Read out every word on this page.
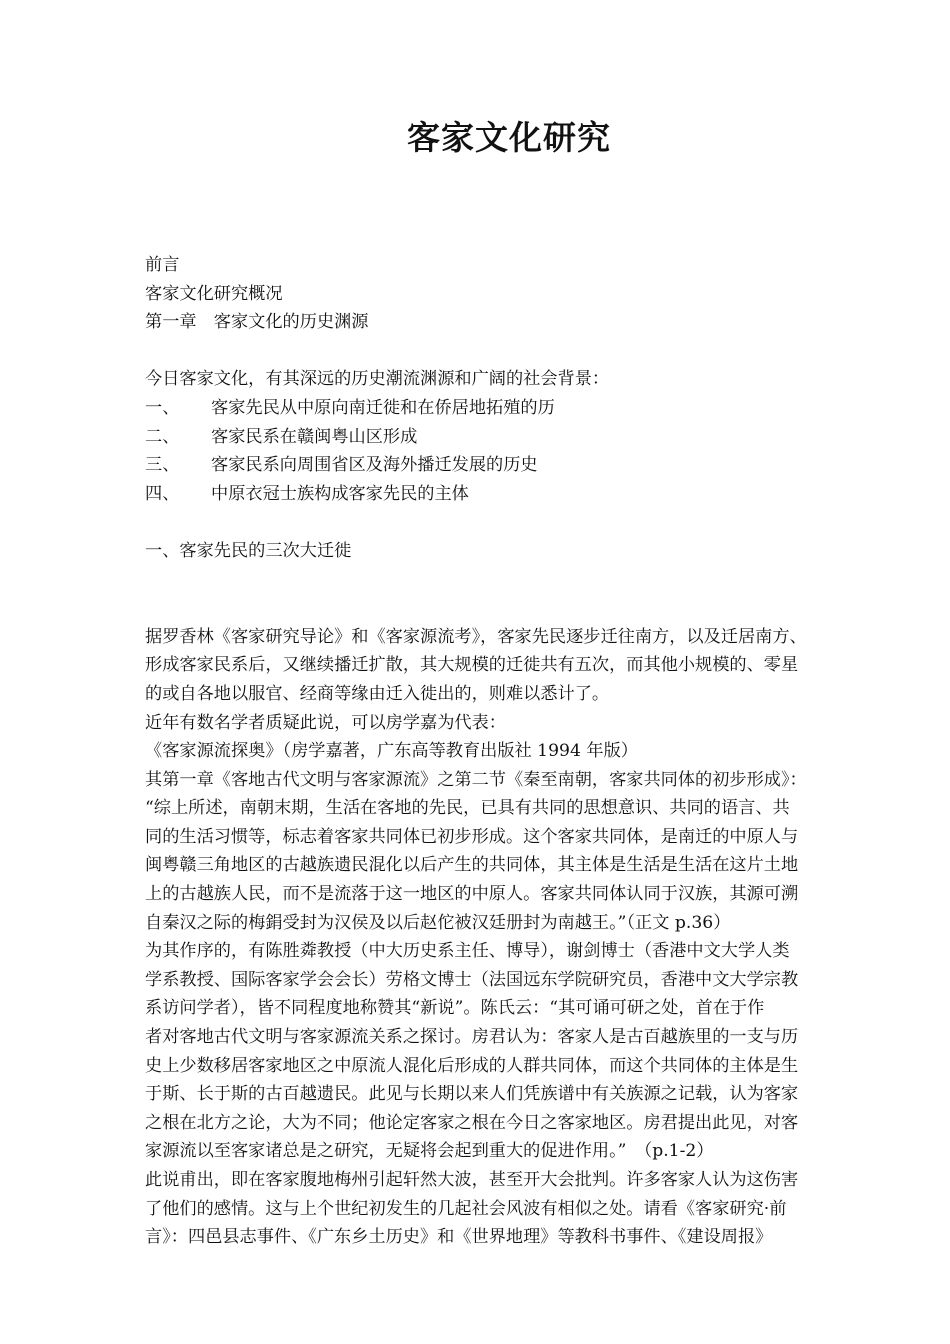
客家文化研究
前言
客家文化研究概况
第一章　客家文化的历史渊源
今日客家文化，有其深远的历史潮流渊源和广阔的社会背景：
一、 客家先民从中原向南迁徙和在侨居地拓殖的历
二、 客家民系在赣闽粤山区形成
三、 客家民系向周围省区及海外播迁发展的历史
四、 中原衣冠士族构成客家先民的主体
一、客家先民的三次大迁徙
据罗香林《客家研究导论》和《客家源流考》，客家先民逐步迁往南方，以及迁居南方、
形成客家民系后，又继续播迁扩散，其大规模的迁徙共有五次，而其他小规模的、零星
的或自各地以服官、经商等缘由迁入徙出的，则难以悉计了。
近年有数名学者质疑此说，可以房学嘉为代表：
《客家源流探奥》（房学嘉著，广东高等教育出版社 1994 年版）
其第一章《客地古代文明与客家源流》之第二节《秦至南朝，客家共同体的初步形成》：
“综上所述，南朝末期，生活在客地的先民，已具有共同的思想意识、共同的语言、共
同的生活习惯等，标志着客家共同体已初步形成。这个客家共同体，是南迁的中原人与
闽粤赣三角地区的古越族遗民混化以后产生的共同体，其主体是生活是生活在这片土地
上的古越族人民，而不是流落于这一地区的中原人。客家共同体认同于汉族，其源可溯
自秦汉之际的梅鋗受封为汉侯及以后赵佗被汉廷册封为南越王。”（正文 p.36）
为其作序的，有陈胜粦教授（中大历史系主任、博导），谢剑博士（香港中文大学人类
学系教授、国际客家学会会长）劳格文博士（法国远东学院研究员，香港中文大学宗教
系访问学者），皆不同程度地称赞其“新说”。陈氏云：“其可诵可研之处，首在于作
者对客地古代文明与客家源流关系之探讨。房君认为：客家人是古百越族里的一支与历
史上少数移居客家地区之中原流人混化后形成的人群共同体，而这个共同体的主体是生
于斯、长于斯的古百越遗民。此见与长期以来人们凭族谱中有关族源之记载，认为客家
之根在北方之论，大为不同；他论定客家之根在今日之客家地区。房君提出此见，对客
家源流以至客家诸总是之研究，无疑将会起到重大的促进作用。”　（p.1-2）
此说甫出，即在客家腹地梅州引起轩然大波，甚至开大会批判。许多客家人认为这伤害
了他们的感情。这与上个世纪初发生的几起社会风波有相似之处。请看《客家研究·前
言》：四邑县志事件、《广东乡土历史》和《世界地理》等教科书事件、《建设周报》
